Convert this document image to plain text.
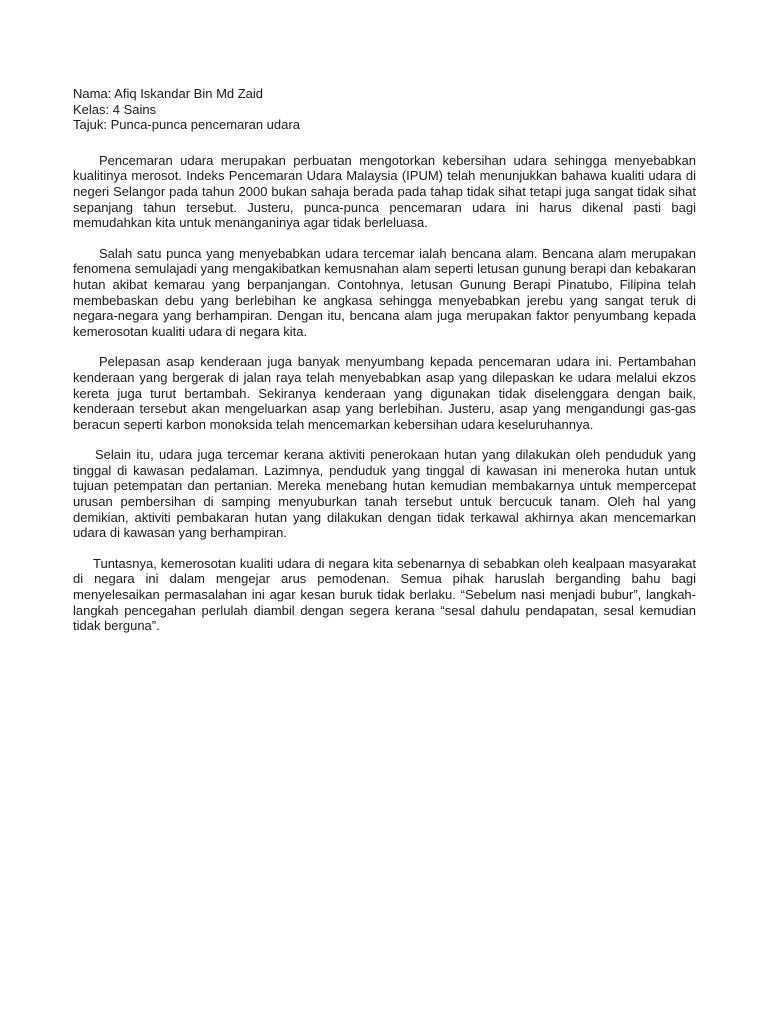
Nama: Afiq Iskandar Bin Md Zaid

Kelas: 4 Sains

Tajuk: Punca-punca pencemaran udara

Pencemaran udara merupakan perbuatan mengotorkan kebersihan udara sehingga menyebabkan kualitinya merosot. Indeks Pencemaran Udara Malaysia (IPUM) telah menunjukkan bahawa kualiti udara di negeri Selangor pada tahun 2000 bukan sahaja berada pada tahap tidak sihat tetapi juga sangat tidak sihat sepanjang tahun tersebut. Justeru, punca-punca pencemaran udara ini harus dikenal pasti bagi memudahkan kita untuk menanganinya agar tidak berleluasa.

Salah satu punca yang menyebabkan udara tercemar ialah bencana alam. Bencana alam merupakan fenomena semulajadi yang mengakibatkan kemusnahan alam seperti letusan gunung berapi dan kebakaran hutan akibat kemarau yang berpanjangan. Contohnya, letusan Gunung Berapi Pinatubo, Filipina telah membebaskan debu yang berlebihan ke angkasa sehingga menyebabkan jerebu yang sangat teruk di negara-negara yang berhampiran. Dengan itu, bencana alam juga merupakan faktor penyumbang kepada kemerosotan kualiti udara di negara kita.

Pelepasan asap kenderaan juga banyak menyumbang kepada pencemaran udara ini. Pertambahan kenderaan yang bergerak di jalan raya telah menyebabkan asap yang dilepaskan ke udara melalui ekzos kereta juga turut bertambah. Sekiranya kenderaan yang digunakan tidak diselenggara dengan baik, kenderaan tersebut akan mengeluarkan asap yang berlebihan. Justeru, asap yang mengandungi gas-gas beracun seperti karbon monoksida telah mencemarkan kebersihan udara keseluruhannya.

Selain itu, udara juga tercemar kerana aktiviti penerokaan hutan yang dilakukan oleh penduduk yang tinggal di kawasan pedalaman. Lazimnya, penduduk yang tinggal di kawasan ini meneroka hutan untuk tujuan petempatan dan pertanian. Mereka menebang hutan kemudian membakarnya untuk mempercepat urusan pembersihan di samping menyuburkan tanah tersebut untuk bercucuk tanam. Oleh hal yang demikian, aktiviti pembakaran hutan yang dilakukan dengan tidak terkawal akhirnya akan mencemarkan udara di kawasan yang berhampiran.

Tuntasnya, kemerosotan kualiti udara di negara kita sebenarnya di sebabkan oleh kealpaan masyarakat di negara ini dalam mengejar arus pemodenan. Semua pihak haruslah berganding bahu bagi menyelesaikan permasalahan ini agar kesan buruk tidak berlaku. “Sebelum nasi menjadi bubur”, langkah-langkah pencegahan perlulah diambil dengan segera kerana “sesal dahulu pendapatan, sesal kemudian tidak berguna”.
